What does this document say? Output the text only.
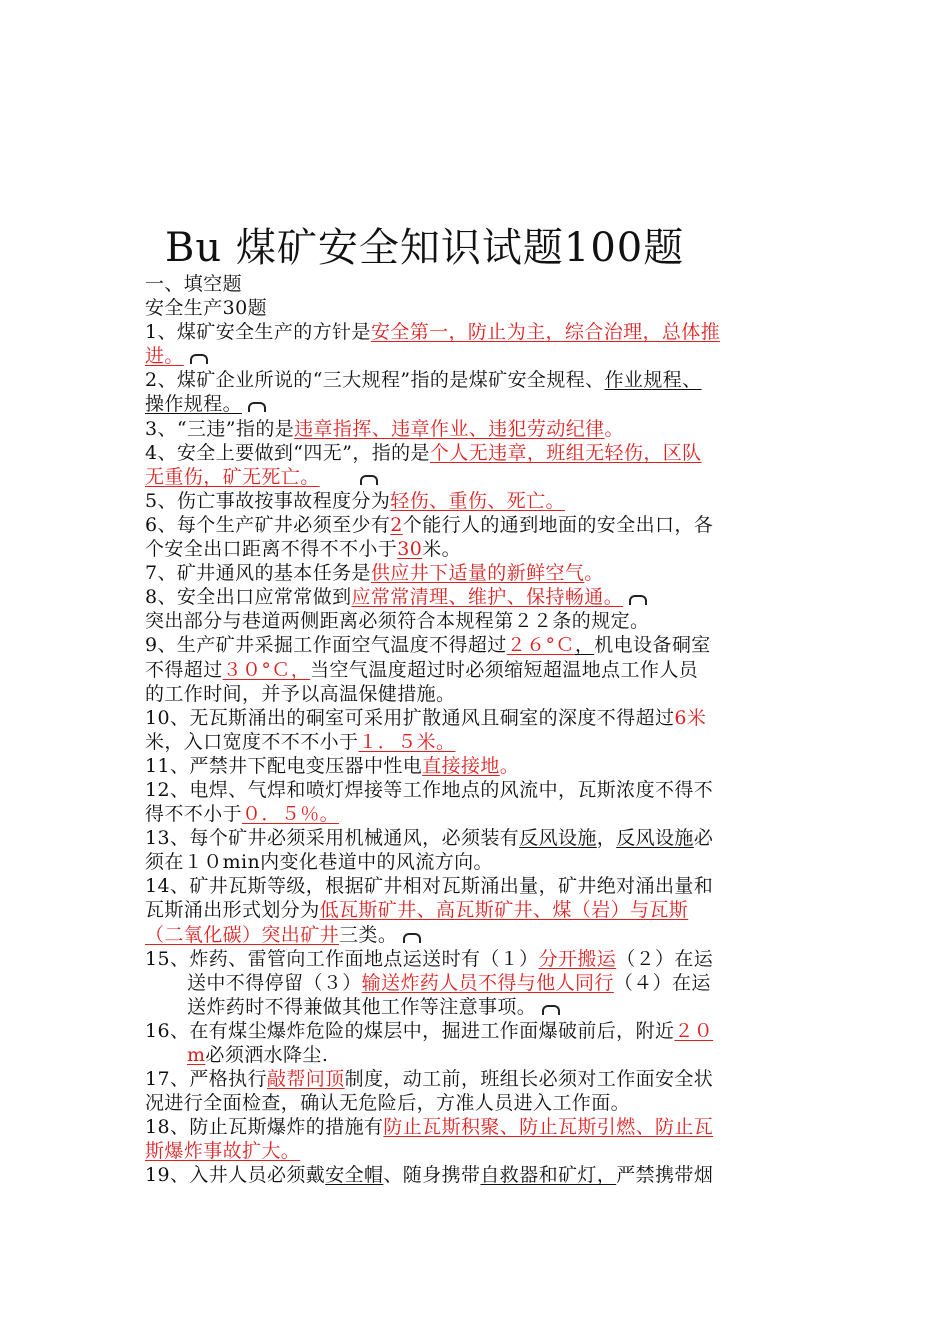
Bu 煤矿安全知识试题100题

一、填空题

安全生产30题

1、煤矿安全生产的方针是安全第一，防止为主，综合治理，总体推
进。

2、煤矿企业所说的“三大规程”指的是煤矿安全规程、作业规程、
操作规程。

3、“三违”指的是违章指挥、违章作业、违犯劳动纪律。

4、安全上要做到“四无”，指的是个人无违章，班组无轻伤，区队
无重伤，矿无死亡。

5、伤亡事故按事故程度分为轻伤、重伤、死亡。

6、每个生产矿井必须至少有2个能行人的通到地面的安全出口，各
个安全出口距离不得不不小于30米。

7、矿井通风的基本任务是供应井下适量的新鲜空气。

8、安全出口应常常做到应常常清理、维护、保持畅通。
突出部分与巷道两侧距离必须符合本规程第２２条的规定。

9、生产矿井采掘工作面空气温度不得超过２６°Ｃ，机电设备硐室
不得超过３０°Ｃ，当空气温度超过时必须缩短超温地点工作人员
的工作时间，并予以高温保健措施。

10、无瓦斯涌出的硐室可采用扩散通风且硐室的深度不得超过6米
米，入口宽度不不不小于１．５米。

11、严禁井下配电变压器中性电直接接地。

12、电焊、气焊和喷灯焊接等工作地点的风流中，瓦斯浓度不得不
得不不小于０．５％。

13、每个矿井必须采用机械通风，必须装有反风设施，反风设施必
须在１０min内变化巷道中的风流方向。

14、矿井瓦斯等级，根据矿井相对瓦斯涌出量，矿井绝对涌出量和
瓦斯涌出形式划分为低瓦斯矿井、高瓦斯矿井、煤（岩）与瓦斯
（二氧化碳）突出矿井三类。

15、炸药、雷管向工作面地点运送时有（１）分开搬运（２）在运
送中不得停留（３）输送炸药人员不得与他人同行（４）在运
送炸药时不得兼做其他工作等注意事项。

16、在有煤尘爆炸危险的煤层中，掘进工作面爆破前后，附近２０
m必须洒水降尘.

17、严格执行敲帮问顶制度，动工前，班组长必须对工作面安全状
况进行全面检查，确认无危险后，方准人员进入工作面。

18、防止瓦斯爆炸的措施有防止瓦斯积聚、防止瓦斯引燃、防止瓦
斯爆炸事故扩大。

19、入井人员必须戴安全帽、随身携带自救器和矿灯，严禁携带烟
